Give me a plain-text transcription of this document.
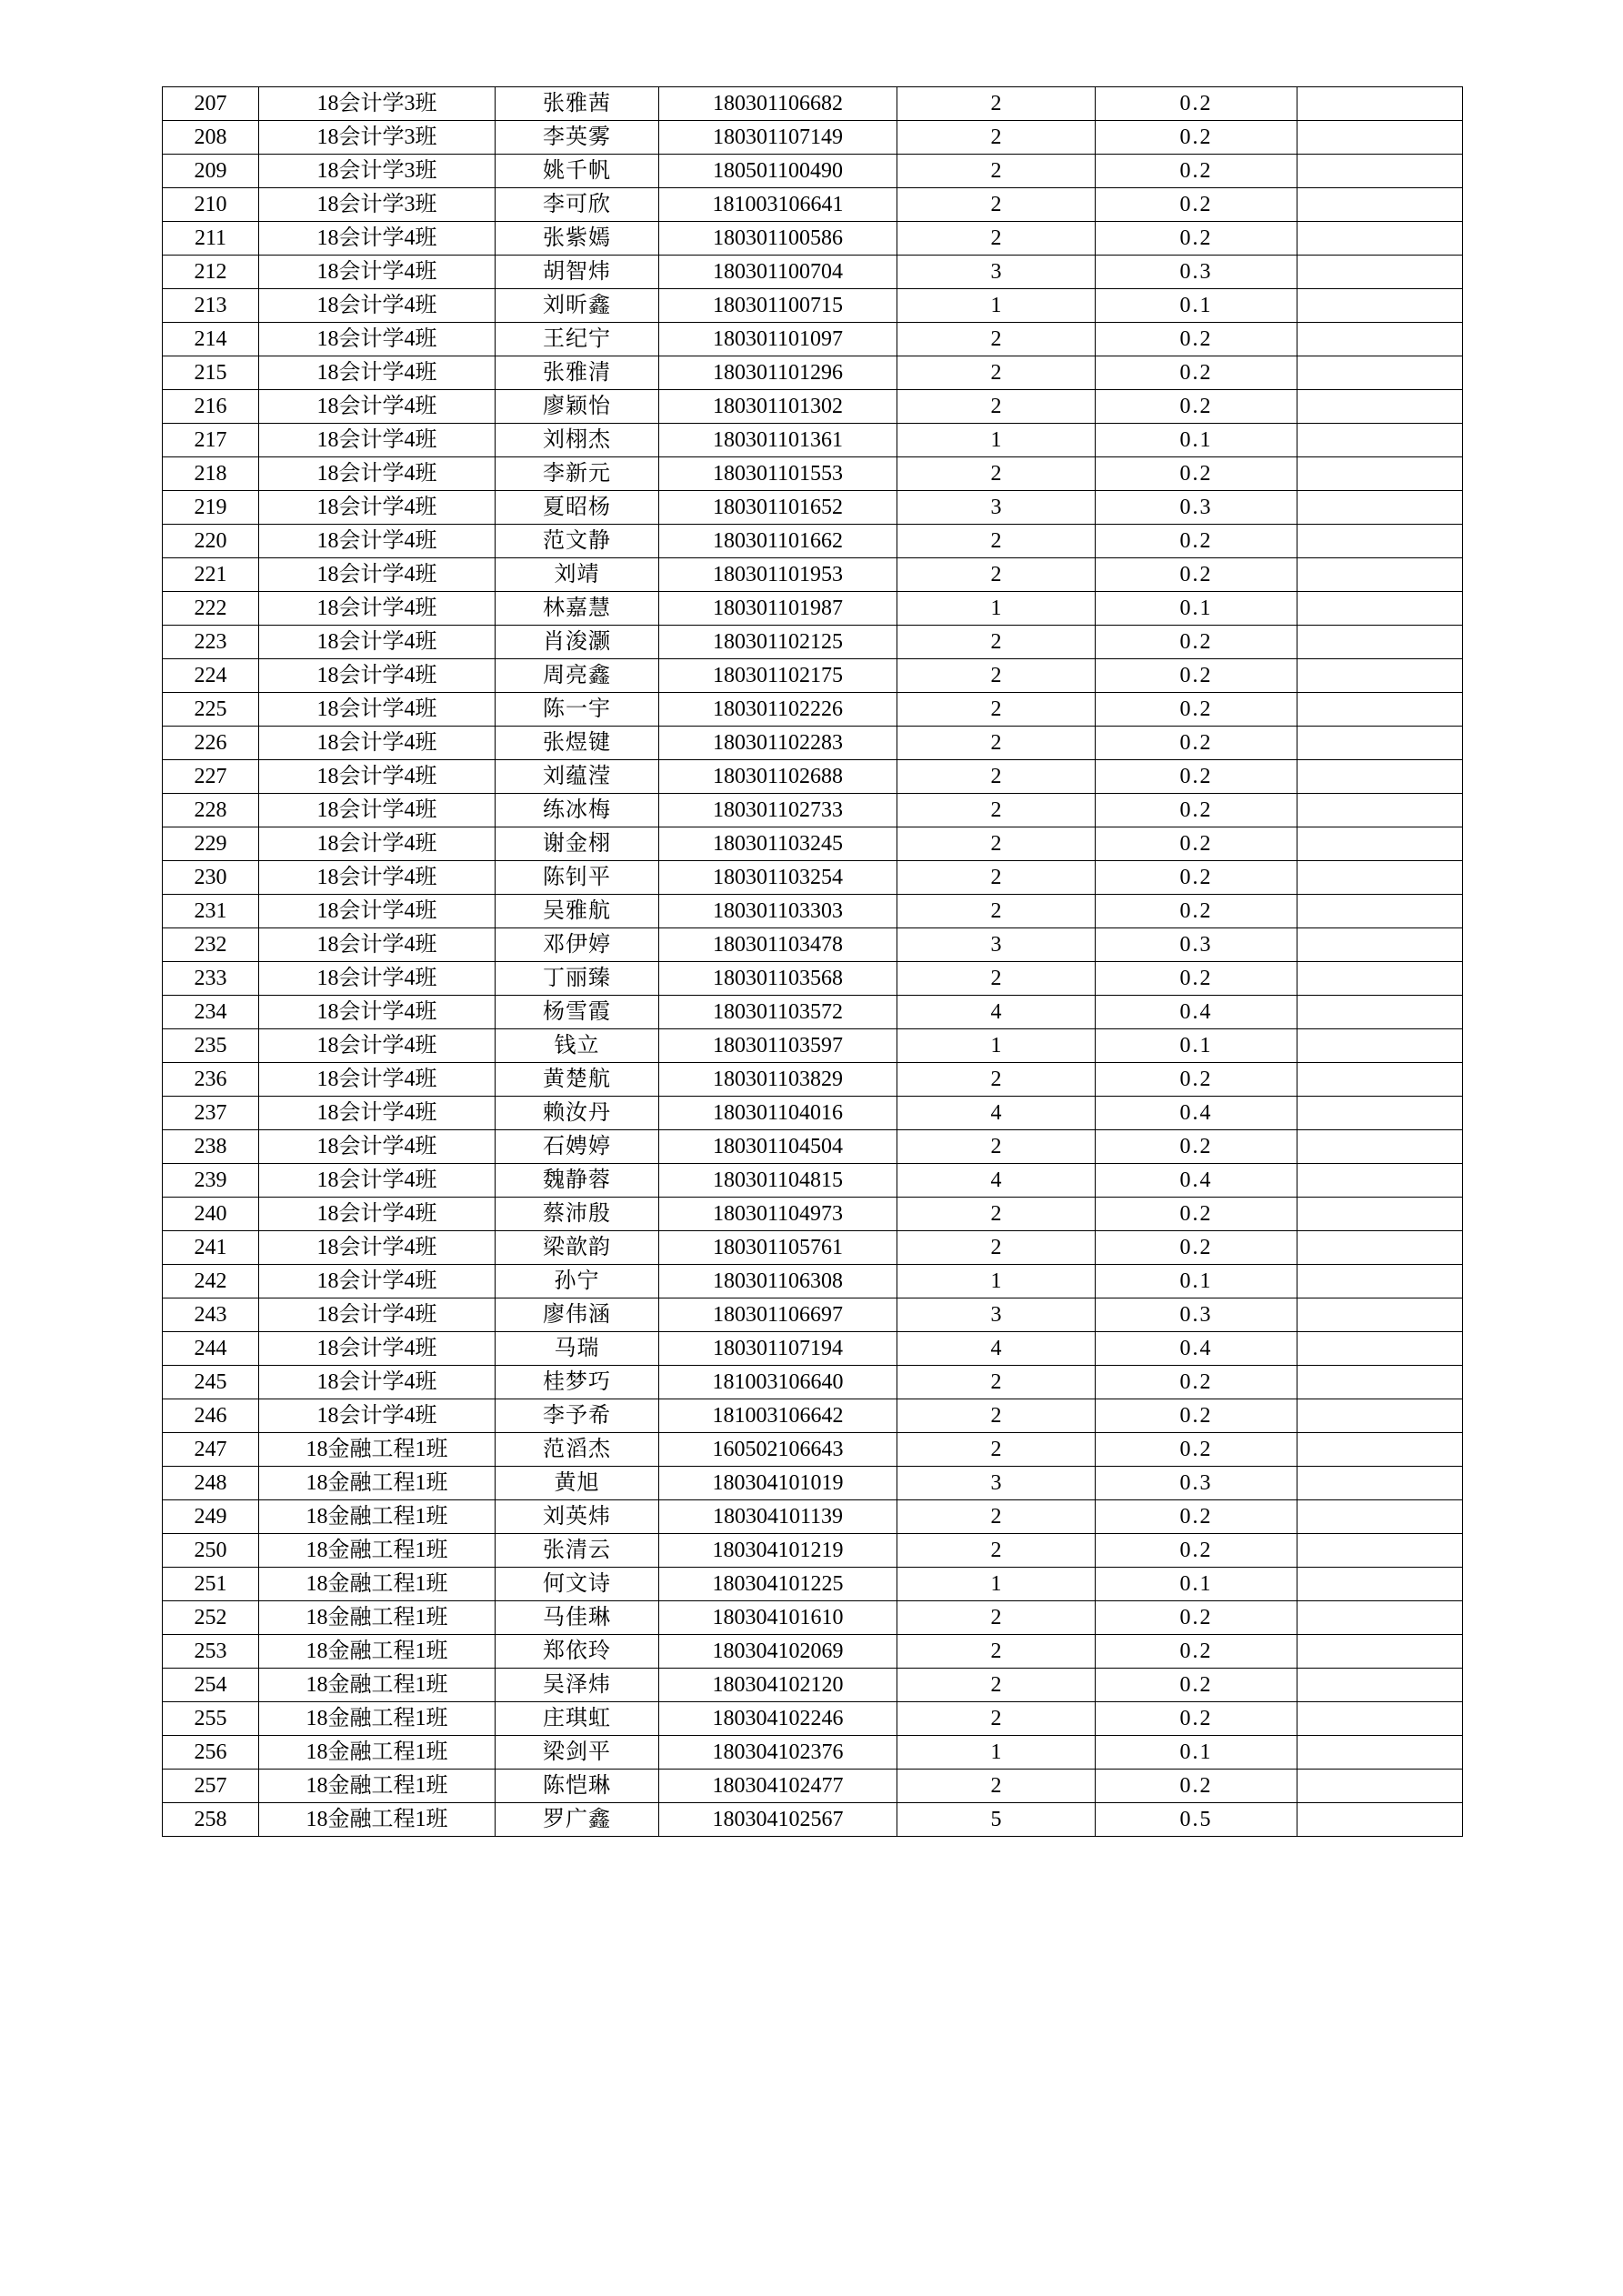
207	18会计学3班	张雅茜	180301106682	2	0.2	
208	18会计学3班	李英雾	180301107149	2	0.2	
209	18会计学3班	姚千帆	180501100490	2	0.2	
210	18会计学3班	李可欣	181003106641	2	0.2	
211	18会计学4班	张紫嫣	180301100586	2	0.2	
212	18会计学4班	胡智炜	180301100704	3	0.3	
213	18会计学4班	刘昕鑫	180301100715	1	0.1	
214	18会计学4班	王纪宁	180301101097	2	0.2	
215	18会计学4班	张雅清	180301101296	2	0.2	
216	18会计学4班	廖颖怡	180301101302	2	0.2	
217	18会计学4班	刘栩杰	180301101361	1	0.1	
218	18会计学4班	李新元	180301101553	2	0.2	
219	18会计学4班	夏昭杨	180301101652	3	0.3	
220	18会计学4班	范文静	180301101662	2	0.2	
221	18会计学4班	刘靖	180301101953	2	0.2	
222	18会计学4班	林嘉慧	180301101987	1	0.1	
223	18会计学4班	肖浚灏	180301102125	2	0.2	
224	18会计学4班	周亮鑫	180301102175	2	0.2	
225	18会计学4班	陈一宇	180301102226	2	0.2	
226	18会计学4班	张煜键	180301102283	2	0.2	
227	18会计学4班	刘蕴滢	180301102688	2	0.2	
228	18会计学4班	练冰梅	180301102733	2	0.2	
229	18会计学4班	谢金栩	180301103245	2	0.2	
230	18会计学4班	陈钊平	180301103254	2	0.2	
231	18会计学4班	吴雅航	180301103303	2	0.2	
232	18会计学4班	邓伊婷	180301103478	3	0.3	
233	18会计学4班	丁丽臻	180301103568	2	0.2	
234	18会计学4班	杨雪霞	180301103572	4	0.4	
235	18会计学4班	钱立	180301103597	1	0.1	
236	18会计学4班	黄楚航	180301103829	2	0.2	
237	18会计学4班	赖汝丹	180301104016	4	0.4	
238	18会计学4班	石娉婷	180301104504	2	0.2	
239	18会计学4班	魏静蓉	180301104815	4	0.4	
240	18会计学4班	蔡沛殷	180301104973	2	0.2	
241	18会计学4班	梁歆韵	180301105761	2	0.2	
242	18会计学4班	孙宁	180301106308	1	0.1	
243	18会计学4班	廖伟涵	180301106697	3	0.3	
244	18会计学4班	马瑞	180301107194	4	0.4	
245	18会计学4班	桂梦巧	181003106640	2	0.2	
246	18会计学4班	李予希	181003106642	2	0.2	
247	18金融工程1班	范滔杰	160502106643	2	0.2	
248	18金融工程1班	黄旭	180304101019	3	0.3	
249	18金融工程1班	刘英炜	180304101139	2	0.2	
250	18金融工程1班	张清云	180304101219	2	0.2	
251	18金融工程1班	何文诗	180304101225	1	0.1	
252	18金融工程1班	马佳琳	180304101610	2	0.2	
253	18金融工程1班	郑依玲	180304102069	2	0.2	
254	18金融工程1班	吴泽炜	180304102120	2	0.2	
255	18金融工程1班	庄琪虹	180304102246	2	0.2	
256	18金融工程1班	梁剑平	180304102376	1	0.1	
257	18金融工程1班	陈恺琳	180304102477	2	0.2	
258	18金融工程1班	罗广鑫	180304102567	5	0.5	
